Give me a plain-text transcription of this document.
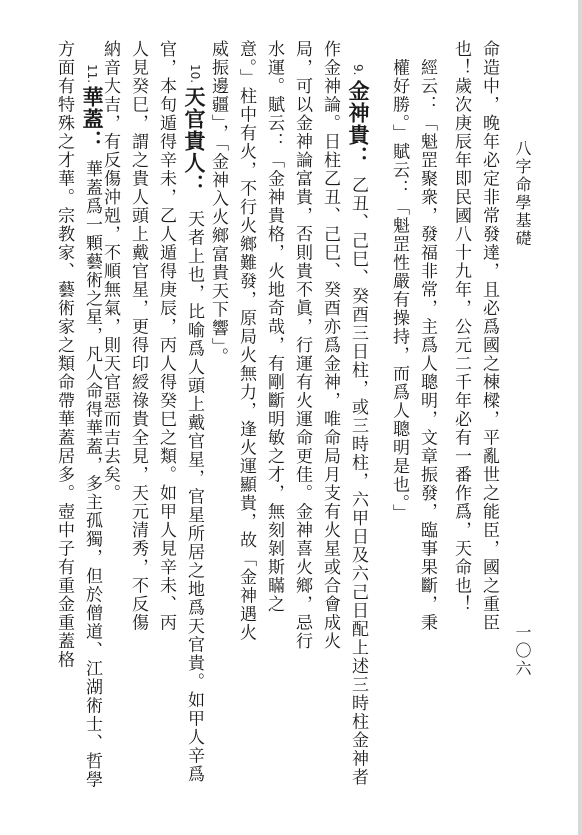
八字命學基礎
一〇六
命造中，晚年必定非常發達，且必爲國之棟樑，平亂世之能臣，國之重臣
也！歲次庚辰年即民國八十九年，公元二千年必有一番作爲，天命也！
　經云：「魁罡聚衆，發福非常，主爲人聰明，文章振發，臨事果斷，秉
　權好勝。」賦云：「魁罡性嚴有操持，而爲人聰明是也。」
9.
金神貴：
乙丑、己巳、癸酉三日柱，或三時柱，六甲日及六己日配上述三時柱金神者
作金神論。日柱乙丑、己巳、癸酉亦爲金神，唯命局月支有火星或合會成火
局，可以金神論富貴，否則貴不眞，行運有火運命更佳。金神喜火鄉，忌行
水運。賦云：「金神貴格，火地奇哉，有剛斷明敏之才，無刻剝斯瞞之
意。」柱中有火，不行火鄉難發，原局火無力，逢火運顯貴，故「金神遇火
威振邊疆」，「金神入火鄉富貴天下響」。
10.
天官貴人：
天者上也，比喻爲人頭上戴官星，官星所居之地爲天官貴。如甲人辛爲
官，本旬遁得辛未，乙人遁得庚辰，丙人得癸巳之類。如甲人見辛未、丙
人見癸巳，謂之貴人頭上戴官星，更得印綬祿貴全見，天元清秀，不反傷
納音大吉，有反傷沖剋，不順無氣，則天官惡而吉去矣。
11.
華蓋：
華蓋爲一顆藝術之星，凡人命得華蓋，多主孤獨，但於僧道、江湖術士、哲學
方面有特殊之才華。宗教家、藝術家之類命帶華蓋居多。壺中子有重金重蓋格
